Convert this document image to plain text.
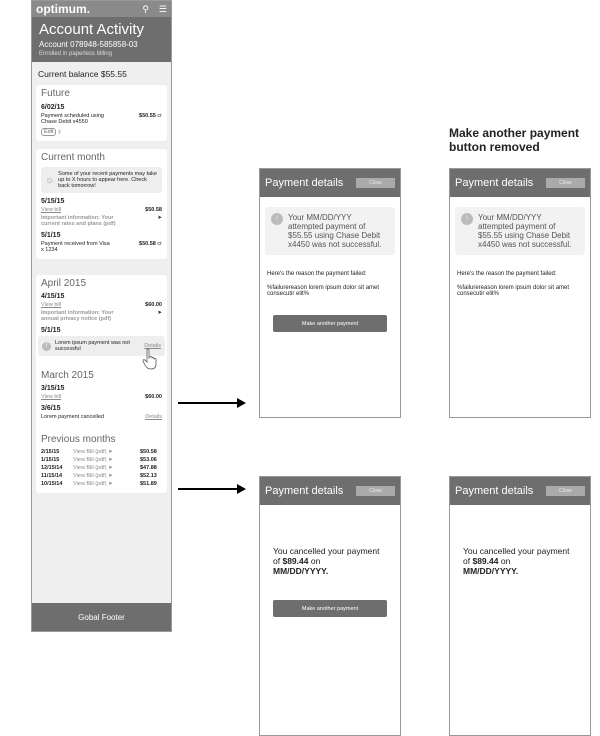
optimum.	⚲ ☰
Account Activity
Account 078948-585858-03
Enrolled in paperless billing
Current balance $55.55
Future
6/02/15
Payment scheduled using Chase Debit x4550
$50.55 cr
Edit ▮
Current month
☼
Some of your recent payments may take up to X hours to appear here. Check back tomorrow!
5/15/15
View bill	$50.58
Important information: Your current rates and plans (pdf)
➤
5/1/15
Payment received from Visa x 1234
$50.58 cr
April 2015
4/15/15
View bill	$60.00
Important information: Your annual privacy notice (pdf)
➤
5/1/15
!	Lorem ipsum payment was not successful	Details
March 2015
3/15/15
View bill	$60.00
3/6/15
Lorem payment cancelled	Details
Previous months
2/15/15	View Bill (pdf) ➤	$50.58
1/15/15	View Bill (pdf) ➤	$53.06
12/15/14	View Bill (pdf) ➤	$47.88
11/15/14	View Bill (pdf) ➤	$52.13
10/15/14	View Bill (pdf) ➤	$51.89
Gobal Footer
Make another payment button removed
Payment details	Close
!	Your MM/DD/YYY attempted payment of $55.55 using Chase Debit x4450 was not successful.
Here's the reason the payment failed:
%failurereason lorem ipsum dolor sit amet consecutir elit%
Make another payment
Payment details	Close
!	Your MM/DD/YYY attempted payment of $55.55 using Chase Debit x4450 was not successful.
Here's the reason the payment failed:
%failurereason lorem ipsum dolor sit amet consecutir elit%
Payment details	Close
You cancelled your payment of $89.44 on
MM/DD/YYYY.
Make another payment
Payment details	Close
You cancelled your payment of $89.44 on
MM/DD/YYYY.
